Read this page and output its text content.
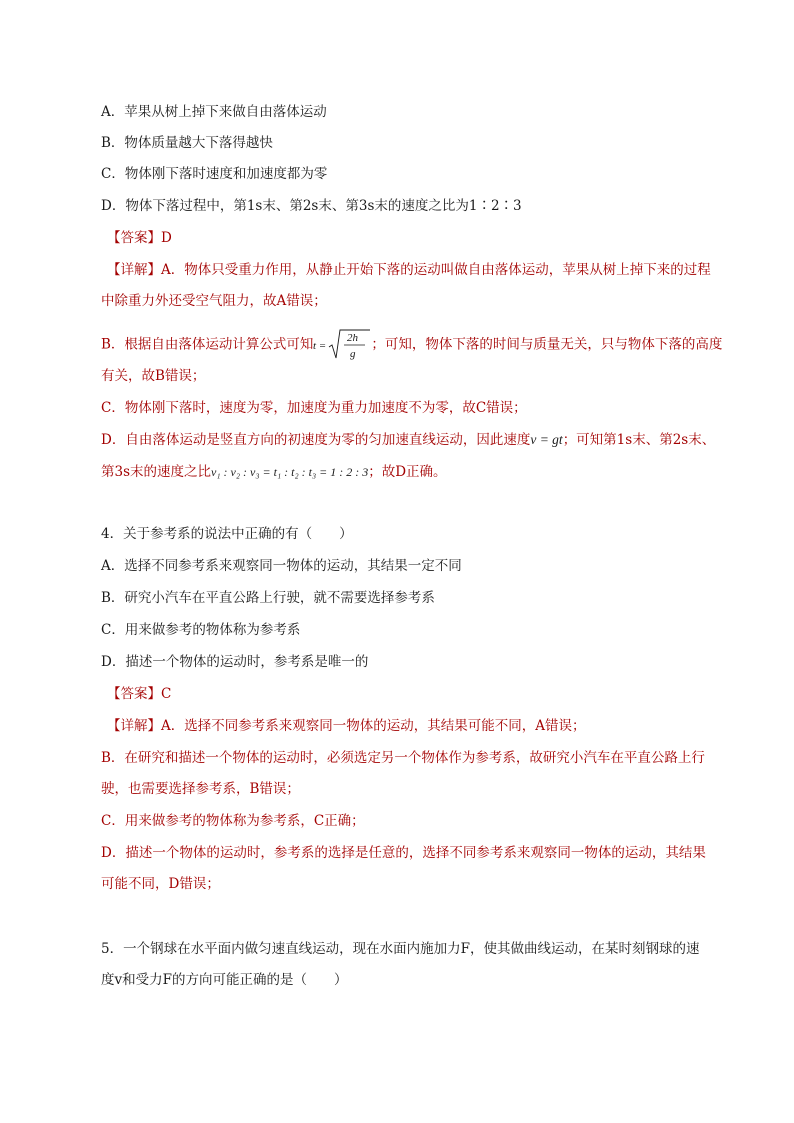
A．苹果从树上掉下来做自由落体运动
B．物体质量越大下落得越快
C．物体刚下落时速度和加速度都为零
D．物体下落过程中，第1s末、第2s末、第3s末的速度之比为1∶2∶3
【答案】D
【详解】A．物体只受重力作用，从静止开始下落的运动叫做自由落体运动，苹果从树上掉下来的过程
中除重力外还受空气阻力，故A错误；
B．根据自由落体运动计算公式可知 t =
2h
g
；可知，物体下落的时间与质量无关，只与物体下落的高度
有关，故B错误；
C．物体刚下落时，速度为零，加速度为重力加速度不为零，故C错误；
D．自由落体运动是竖直方向的初速度为零的匀加速直线运动，因此速度v = gt；可知第1s末、第2s末、
第3s末的速度之比v₁ : v₂ : v₃ = t₁ : t₂ : t₃ = 1 : 2 : 3；故D正确。
4．关于参考系的说法中正确的有（　　）
A．选择不同参考系来观察同一物体的运动，其结果一定不同
B．研究小汽车在平直公路上行驶，就不需要选择参考系
C．用来做参考的物体称为参考系
D．描述一个物体的运动时，参考系是唯一的
【答案】C
【详解】A．选择不同参考系来观察同一物体的运动，其结果可能不同，A错误；
B．在研究和描述一个物体的运动时，必须选定另一个物体作为参考系，故研究小汽车在平直公路上行
驶，也需要选择参考系，B错误；
C．用来做参考的物体称为参考系，C正确；
D．描述一个物体的运动时，参考系的选择是任意的，选择不同参考系来观察同一物体的运动，其结果
可能不同，D错误；
5．一个钢球在水平面内做匀速直线运动，现在水面内施加力F，使其做曲线运动，在某时刻钢球的速
度v和受力F的方向可能正确的是（　　）
